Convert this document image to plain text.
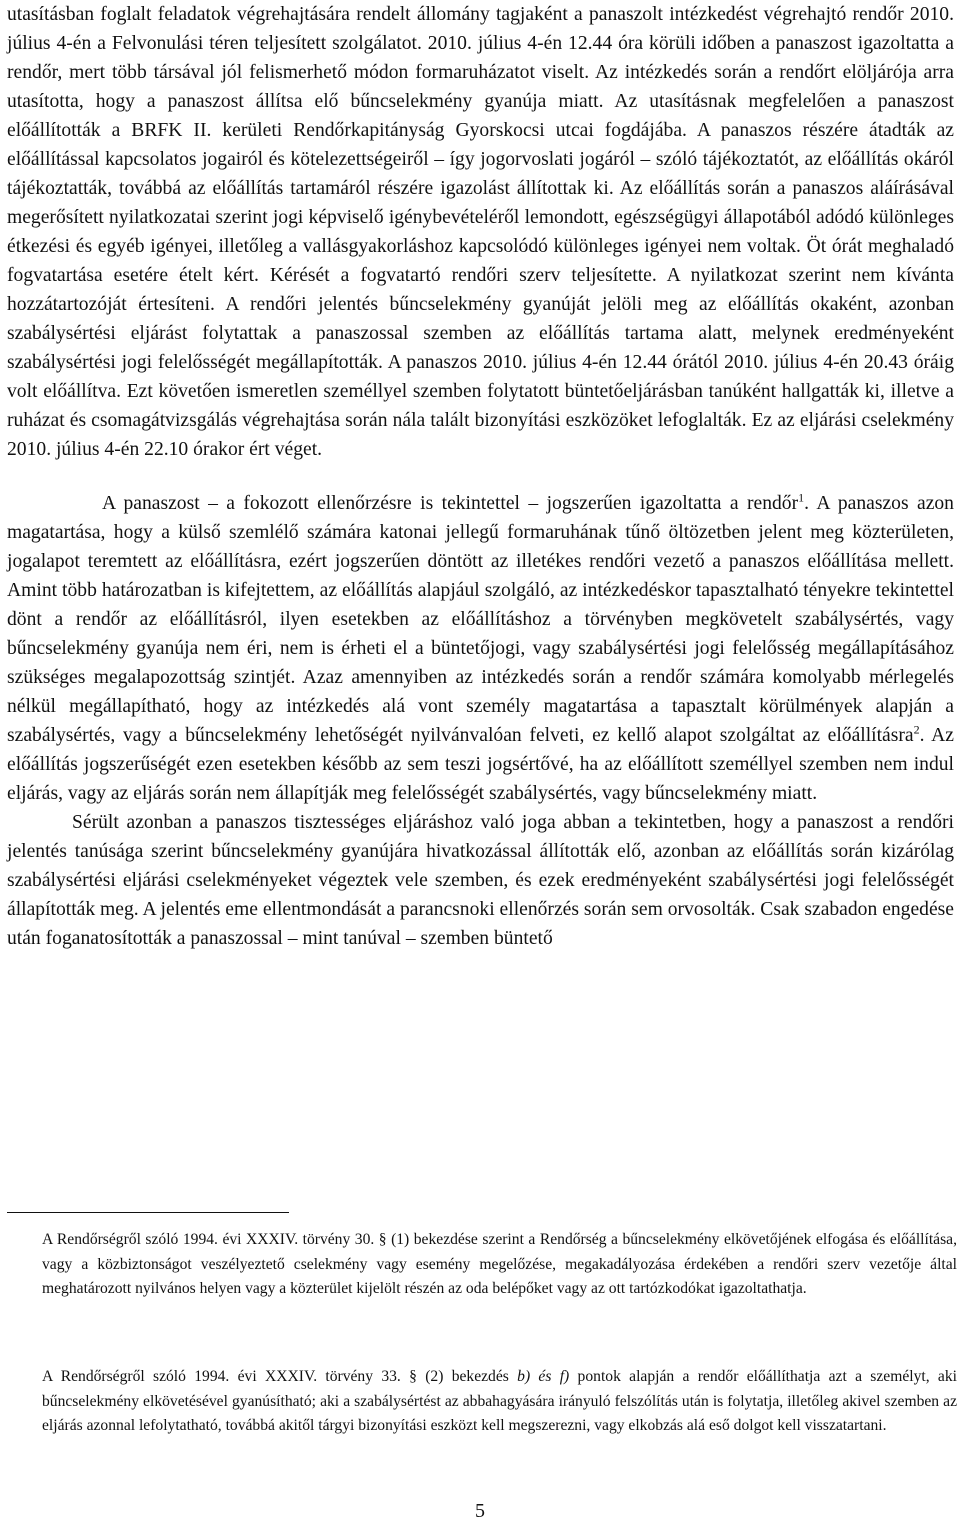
utasításban foglalt feladatok végrehajtására rendelt állomány tagjaként a panaszolt intézkedést végrehajtó rendőr 2010. július 4-én a Felvonulási téren teljesített szolgálatot. 2010. július 4-én 12.44 óra körüli időben a panaszost igazoltatta a rendőr, mert több társával jól felismerhető módon formaruházatot viselt. Az intézkedés során a rendőrt elöljárója arra utasította, hogy a panaszost állítsa elő bűncselekmény gyanúja miatt. Az utasításnak megfelelően a panaszost előállították a BRFK II. kerületi Rendőrkapitányság Gyorskocsi utcai fogdájába. A panaszos részére átadták az előállítással kapcsolatos jogairól és kötelezettségeiről – így jogorvoslati jogáról – szóló tájékoztatót, az előállítás okáról tájékoztatták, továbbá az előállítás tartamáról részére igazolást állítottak ki. Az előállítás során a panaszos aláírásával megerősített nyilatkozatai szerint jogi képviselő igénybevételéről lemondott, egészségügyi állapotából adódó különleges étkezési és egyéb igényei, illetőleg a vallásgyakorláshoz kapcsolódó különleges igényei nem voltak. Öt órát meghaladó fogvatartása esetére ételt kért. Kérését a fogvatartó rendőri szerv teljesítette. A nyilatkozat szerint nem kívánta hozzátartozóját értesíteni. A rendőri jelentés bűncselekmény gyanúját jelöli meg az előállítás okaként, azonban szabálysértési eljárást folytattak a panaszossal szemben az előállítás tartama alatt, melynek eredményeként szabálysértési jogi felelősségét megállapították. A panaszos 2010. július 4-én 12.44 órától 2010. július 4-én 20.43 óráig volt előállítva. Ezt követően ismeretlen személlyel szemben folytatott büntetőeljárásban tanúként hallgatták ki, illetve a ruházat és csomagátvizsgálás végrehajtása során nála talált bizonyítási eszközöket lefoglalták. Ez az eljárási cselekmény 2010. július 4-én 22.10 órakor ért véget.

A panaszost – a fokozott ellenőrzésre is tekintettel – jogszerűen igazoltatta a rendőr$^1$. A panaszos azon magatartása, hogy a külső szemlélő számára katonai jellegű formaruhának tűnő öltözetben jelent meg közterületen, jogalapot teremtett az előállításra, ezért jogszerűen döntött az illetékes rendőri vezető a panaszos előállítása mellett. Amint több határozatban is kifejtettem, az előállítás alapjául szolgáló, az intézkedéskor tapasztalható tényekre tekintettel dönt a rendőr az előállításról, ilyen esetekben az előállításhoz a törvényben megkövetelt szabálysértés, vagy bűncselekmény gyanúja nem éri, nem is érheti el a büntetőjogi, vagy szabálysértési jogi felelősség megállapításához szükséges megalapozottság szintjét. Azaz amennyiben az intézkedés során a rendőr számára komolyabb mérlegelés nélkül megállapítható, hogy az intézkedés alá vont személy magatartása a tapasztalt körülmények alapján a szabálysértés, vagy a bűncselekmény lehetőségét nyilvánvalóan felveti, ez kellő alapot szolgáltat az előállításra$^2$. Az előállítás jogszerűségét ezen esetekben később az sem teszi jogsértővé, ha az előállított személlyel szemben nem indul eljárás, vagy az eljárás során nem állapítják meg felelősségét szabálysértés, vagy bűncselekmény miatt.

Sérült azonban a panaszos tisztességes eljáráshoz való joga abban a tekintetben, hogy a panaszost a rendőri jelentés tanúsága szerint bűncselekmény gyanújára hivatkozással állították elő, azonban az előállítás során kizárólag szabálysértési eljárási cselekményeket végeztek vele szemben, és ezek eredményeként szabálysértési jogi felelősségét állapították meg. A jelentés eme ellentmondását a parancsnoki ellenőrzés során sem orvosolták. Csak szabadon engedése után foganatosították a panaszossal – mint tanúval – szemben büntető

A Rendőrségről szóló 1994. évi XXXIV. törvény 30. § (1) bekezdése szerint a Rendőrség a bűncselekmény elkövetőjének elfogása és előállítása, vagy a közbiztonságot veszélyeztető cselekmény vagy esemény megelőzése, megakadályozása érdekében a rendőri szerv vezetője által meghatározott nyilvános helyen vagy a közterület kijelölt részén az oda belépőket vagy az ott tartózkodókat igazoltathatja.
A Rendőrségről szóló 1994. évi XXXIV. törvény 33. § (2) bekezdés b) és f) pontok alapján a rendőr előállíthatja azt a személyt, aki bűncselekmény elkövetésével gyanúsítható; aki a szabálysértést az abbahagyására irányuló felszólítás után is folytatja, illetőleg akivel szemben az eljárás azonnal lefolytatható, továbbá akitől tárgyi bizonyítási eszközt kell megszerezni, vagy elkobzás alá eső dolgot kell visszatartani.
5
